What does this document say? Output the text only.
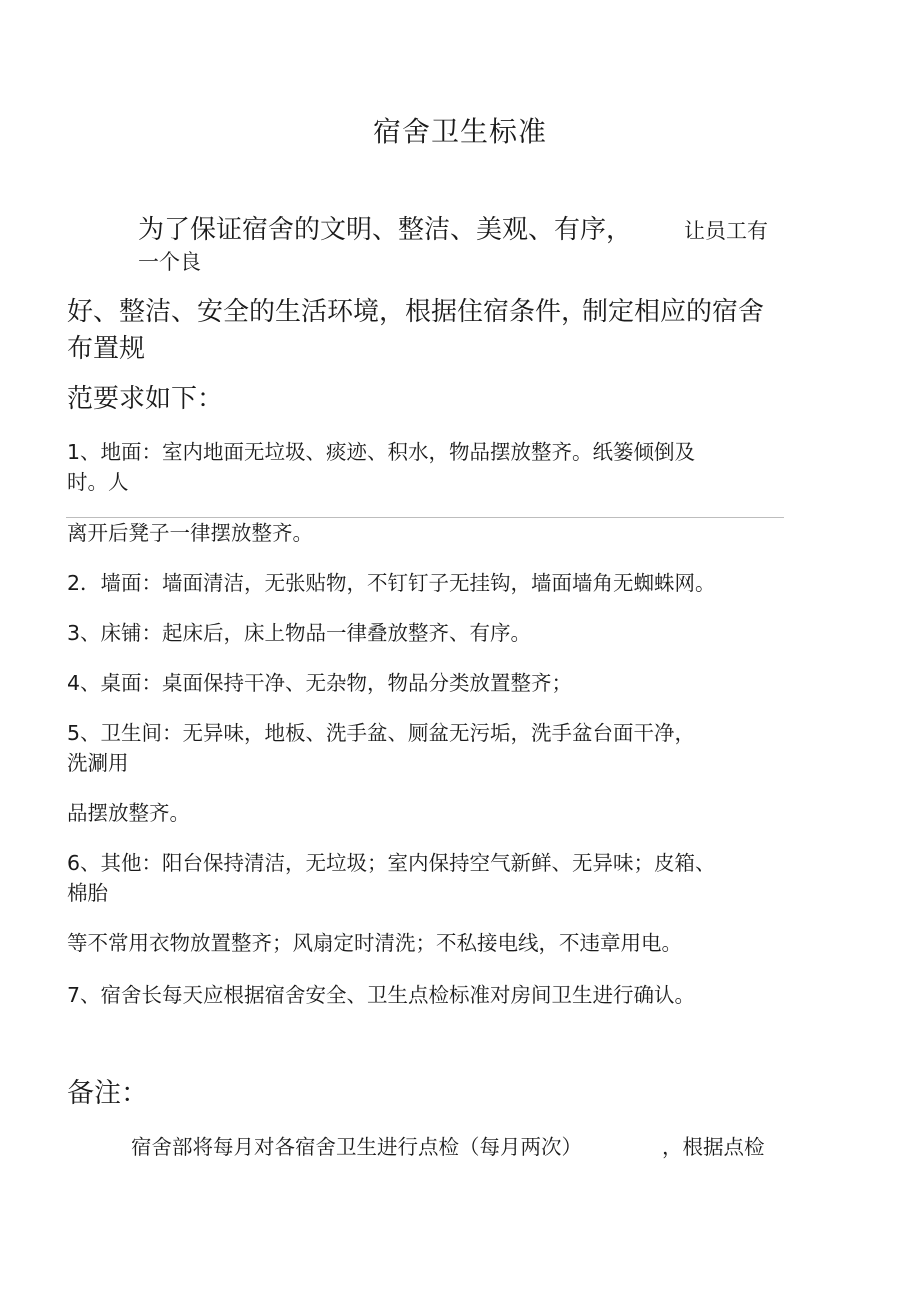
宿舍卫生标准
为了保证宿舍的文明、整洁、美观、有序， 让员工有
一个良
好、整洁、安全的生活环境，根据住宿条件，
制定相应的宿舍
布置规
范要求如下：
1、地面：室内地面无垃圾、痰迹、积水，物品摆放整齐。纸篓倾倒及
时。人
离开后凳子一律摆放整齐。
2．墙面：墙面清洁，无张贴物，不钉钉子无挂钩，墙面墙角无蜘蛛网。
3、床铺：起床后，床上物品一律叠放整齐、有序。
4、桌面：桌面保持干净、无杂物，物品分类放置整齐；
5、卫生间：无异味，地板、洗手盆、厕盆无污垢，洗手盆台面干净，
洗涮用
品摆放整齐。
6、其他：阳台保持清洁，无垃圾；室内保持空气新鲜、无异味；皮箱、
棉胎
等不常用衣物放置整齐；风扇定时清洗；不私接电线，不违章用电。
7、宿舍长每天应根据宿舍安全、卫生点检标准对房间卫生进行确认。
备注：
宿舍部将每月对各宿舍卫生进行点检（每月两次）	，根据点检
